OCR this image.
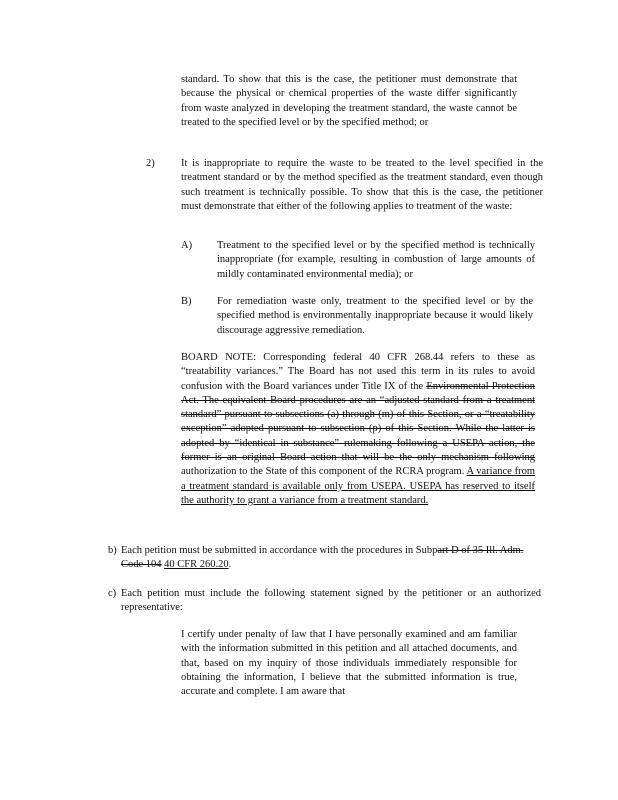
standard. To show that this is the case, the petitioner must demonstrate that because the physical or chemical properties of the waste differ significantly from waste analyzed in developing the treatment standard, the waste cannot be treated to the specified level or by the specified method; or
2)	It is inappropriate to require the waste to be treated to the level specified in the treatment standard or by the method specified as the treatment standard, even though such treatment is technically possible. To show that this is the case, the petitioner must demonstrate that either of the following applies to treatment of the waste:
A) Treatment to the specified level or by the specified method is technically inappropriate (for example, resulting in combustion of large amounts of mildly contaminated environmental media); or
B) For remediation waste only, treatment to the specified level or by the specified method is environmentally inappropriate because it would likely discourage aggressive remediation.
BOARD NOTE: Corresponding federal 40 CFR 268.44 refers to these as “treatability variances.” The Board has not used this term in its rules to avoid confusion with the Board variances under Title IX of the Environmental Protection Act. The equivalent Board procedures are an “adjusted standard from a treatment standard” pursuant to subsections (a) through (m) of this Section, or a “treatability exception” adopted pursuant to subsection (p) of this Section. While the latter is adopted by “identical in substance” rulemaking following a USEPA action, the former is an original Board action that will be the only mechanism following authorization to the State of this component of the RCRA program. A variance from a treatment standard is available only from USEPA. USEPA has reserved to itself the authority to grant a variance from a treatment standard.
b) Each petition must be submitted in accordance with the procedures in Subpart D of 35 Ill. Adm. Code 104 40 CFR 260.20.
c) Each petition must include the following statement signed by the petitioner or an authorized representative:
I certify under penalty of law that I have personally examined and am familiar with the information submitted in this petition and all attached documents, and that, based on my inquiry of those individuals immediately responsible for obtaining the information, I believe that the submitted information is true, accurate and complete. I am aware that
